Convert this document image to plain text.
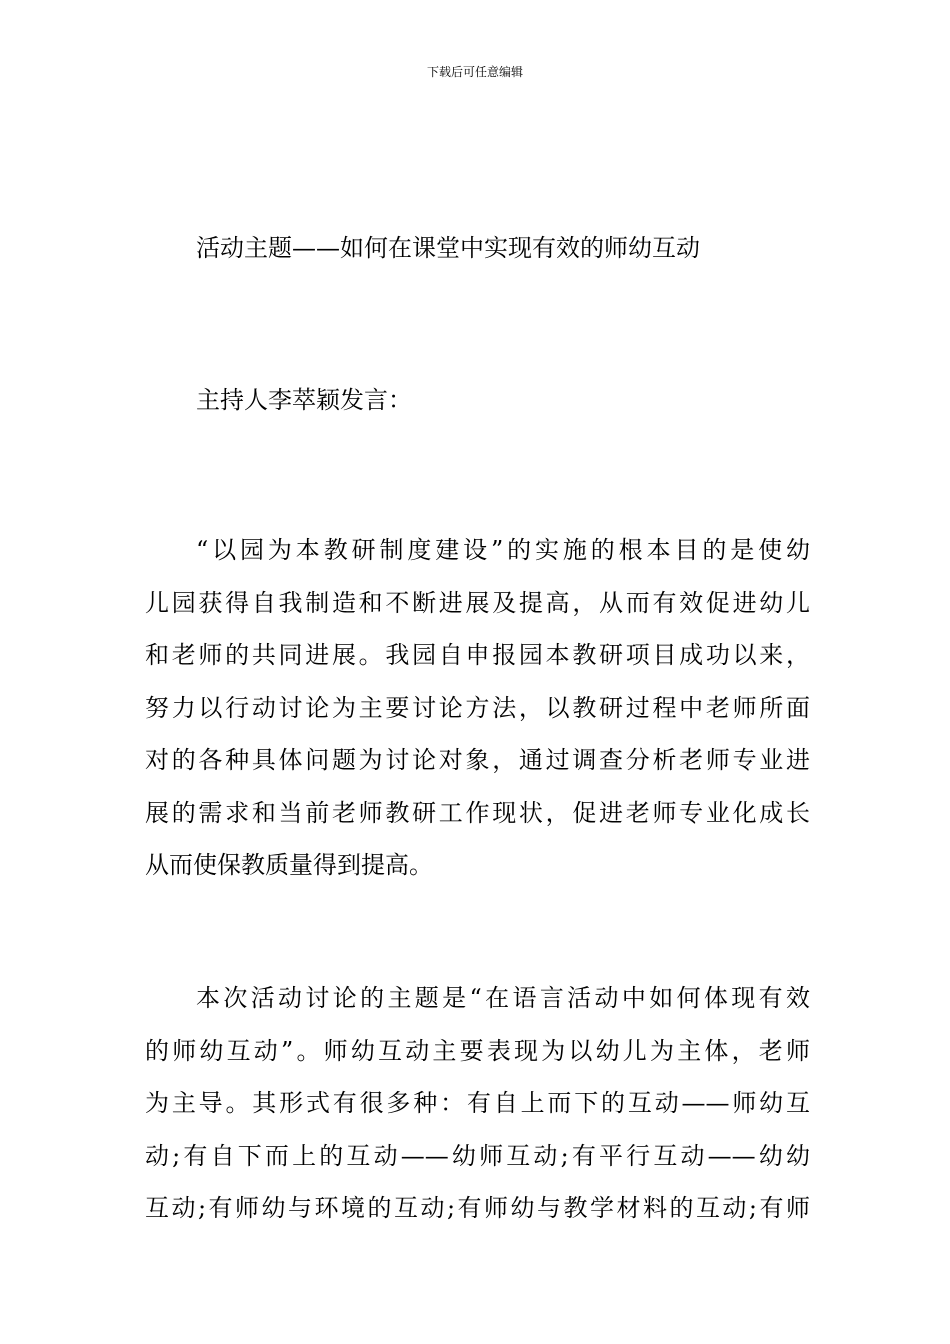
下载后可任意编辑
活动主题——如何在课堂中实现有效的师幼互动
主持人李萃颖发言：
“以园为本教研制度建设”的实施的根本目的是使幼
儿园获得自我制造和不断进展及提高，从而有效促进幼儿
和老师的共同进展。我园自申报园本教研项目成功以来，
努力以行动讨论为主要讨论方法，以教研过程中老师所面
对的各种具体问题为讨论对象，通过调查分析老师专业进
展的需求和当前老师教研工作现状，促进老师专业化成长
从而使保教质量得到提高。
本次活动讨论的主题是“在语言活动中如何体现有效
的师幼互动”。师幼互动主要表现为以幼儿为主体，老师
为主导。其形式有很多种：有自上而下的互动——师幼互
动;有自下而上的互动——幼师互动;有平行互动——幼幼
互动;有师幼与环境的互动;有师幼与教学材料的互动;有师
